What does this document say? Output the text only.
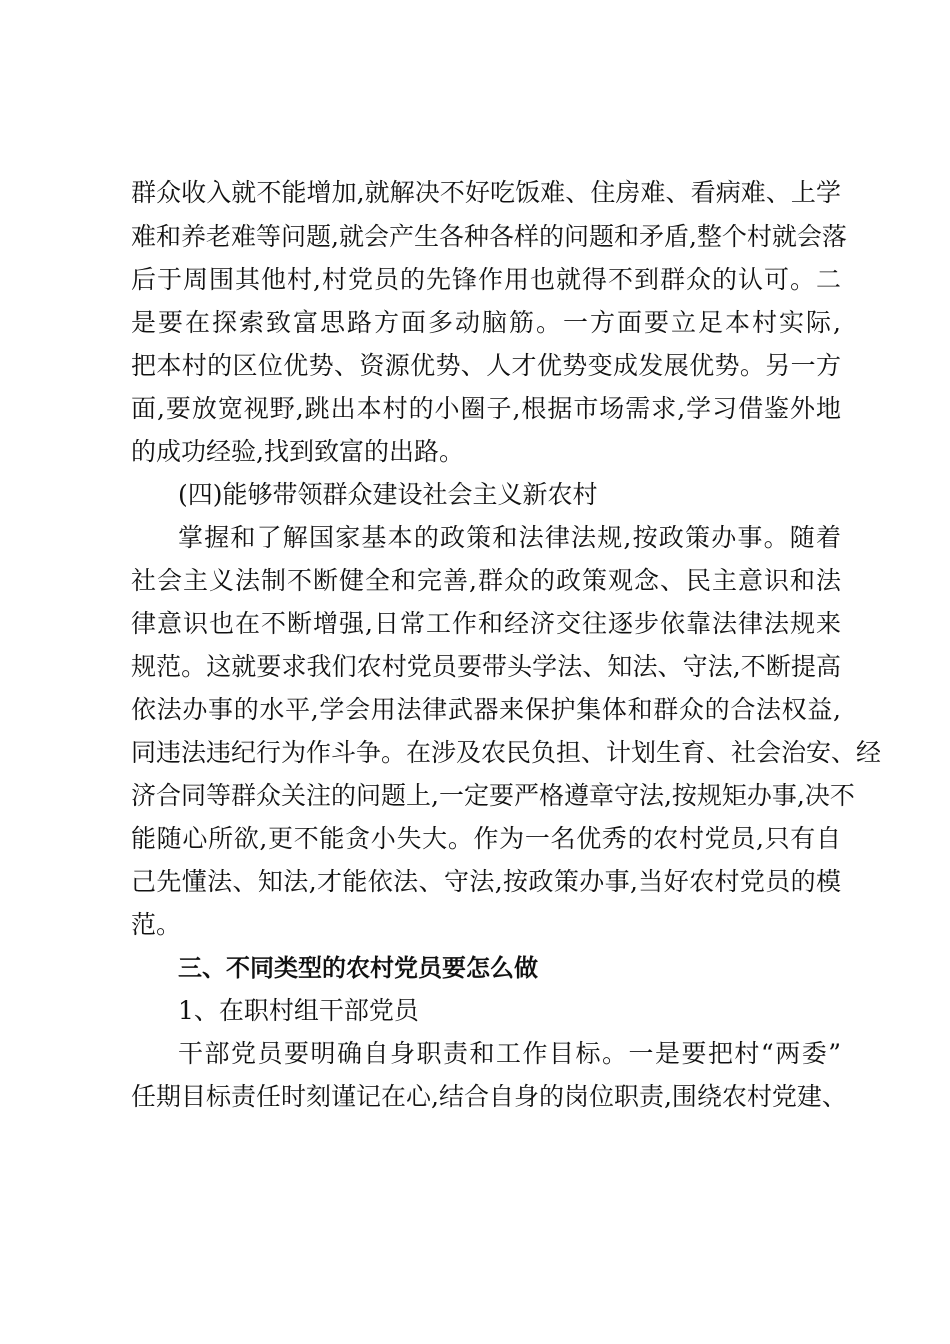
群众收入就不能增加,就解决不好吃饭难、住房难、看病难、上学
难和养老难等问题,就会产生各种各样的问题和矛盾,整个村就会落
后于周围其他村,村党员的先锋作用也就得不到群众的认可。二
是要在探索致富思路方面多动脑筋。一方面要立足本村实际,
把本村的区位优势、资源优势、人才优势变成发展优势。另一方
面,要放宽视野,跳出本村的小圈子,根据市场需求,学习借鉴外地
的成功经验,找到致富的出路。
(四)能够带领群众建设社会主义新农村
掌握和了解国家基本的政策和法律法规,按政策办事。随着
社会主义法制不断健全和完善,群众的政策观念、民主意识和法
律意识也在不断增强,日常工作和经济交往逐步依靠法律法规来
规范。这就要求我们农村党员要带头学法、知法、守法,不断提高
依法办事的水平,学会用法律武器来保护集体和群众的合法权益,
同违法违纪行为作斗争。在涉及农民负担、计划生育、社会治安、经
济合同等群众关注的问题上,一定要严格遵章守法,按规矩办事,决不
能随心所欲,更不能贪小失大。作为一名优秀的农村党员,只有自
己先懂法、知法,才能依法、守法,按政策办事,当好农村党员的模
范。
三、不同类型的农村党员要怎么做
1、在职村组干部党员
干部党员要明确自身职责和工作目标。一是要把村“两委”
任期目标责任时刻谨记在心,结合自身的岗位职责,围绕农村党建、
